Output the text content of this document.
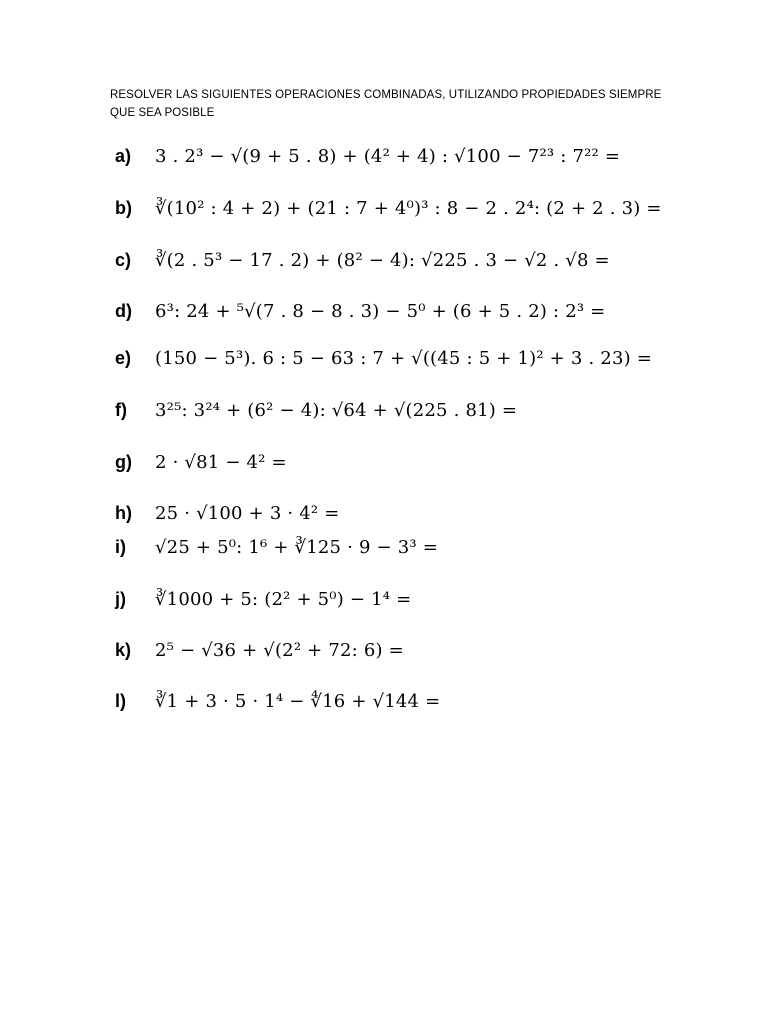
RESOLVER LAS SIGUIENTES OPERACIONES COMBINADAS, UTILIZANDO PROPIEDADES SIEMPRE QUE SEA POSIBLE
a)	3 . 2³ − √(9 + 5 . 8) + (4² + 4) : √100 − 7²³ : 7²² =
b)	∛(10² : 4 + 2) + (21 : 7 + 4⁰)³ : 8 − 2 . 2⁴: (2 + 2 . 3) =
c)	∛(2 . 5³ − 17 . 2) + (8² − 4): √225 . 3 − √2 . √8 =
d)	6³: 24 + ⁵√(7 . 8 − 8 . 3) − 5⁰ + (6 + 5 . 2) : 2³ =
e)	(150 − 5³). 6 : 5 − 63 : 7 + √((45 : 5 + 1)² + 3 . 23) =
f)	3²⁵: 3²⁴ + (6² − 4): √64 + √(225 . 81) =
g)	2 · √81 − 4² =
h)	25 · √100 + 3 · 4² =
i)	√25 + 5⁰: 1⁶ + ∛125 · 9 − 3³ =
j)	∛1000 + 5: (2² + 5⁰) − 1⁴ =
k)	2⁵ − √36 + √(2² + 72: 6) =
l)	∛1 + 3 · 5 · 1⁴ − ∜16 + √144 =
